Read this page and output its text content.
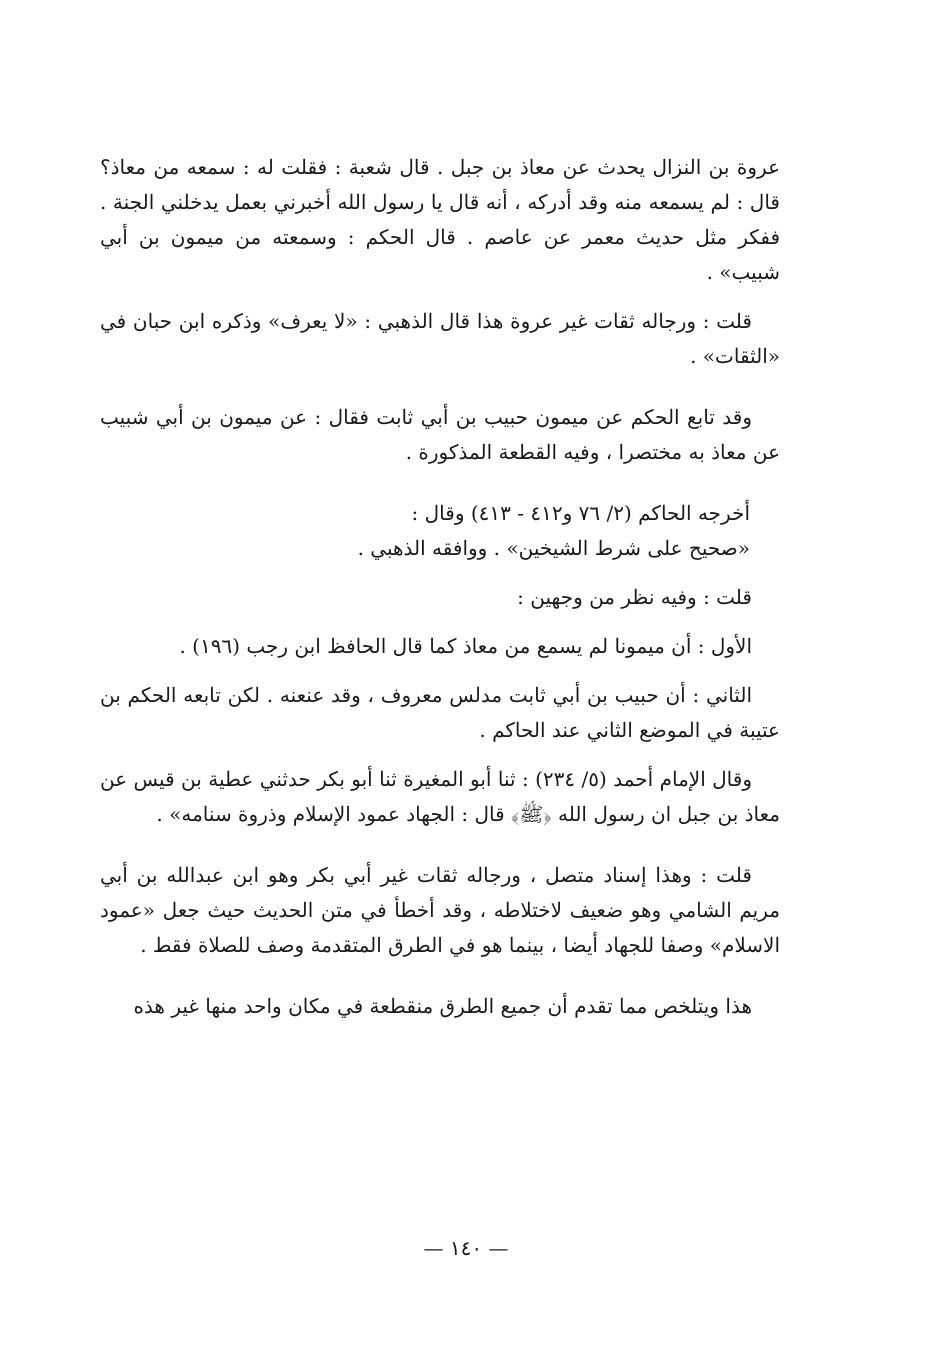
عروة بن النزال يحدث عن معاذ بن جبل . قال شعبة : فقلت له : سمعه من معاذ؟ قال : لم يسمعه منه وقد أدركه ، أنه قال يا رسول الله أخبرني بعمل يدخلني الجنة . ففكر مثل حديث معمر عن عاصم . قال الحكم : وسمعته من ميمون بن أبي شبيب» .

قلت : ورجاله ثقات غير عروة هذا قال الذهبي : «لا يعرف» وذكره ابن حبان في «الثقات» .

وقد تابع الحكم عن ميمون حبيب بن أبي ثابت فقال : عن ميمون بن أبي شبيب عن معاذ به مختصرا ، وفيه القطعة المذكورة .

أخرجه الحاكم (٢/ ٧٦ و٤١٢ - ٤١٣) وقال :
«صحيح على شرط الشيخين» . ووافقه الذهبي .

قلت : وفيه نظر من وجهين :

الأول : أن ميمونا لم يسمع من معاذ كما قال الحافظ ابن رجب (١٩٦) .

الثاني : أن حبيب بن أبي ثابت مدلس معروف ، وقد عنعنه . لكن تابعه الحكم بن عتيبة في الموضع الثاني عند الحاكم .

وقال الإمام أحمد (٥/ ٢٣٤) : ثنا أبو المغيرة ثنا أبو بكر حدثني عطية بن قيس عن معاذ بن جبل ان رسول الله ﴿ﷺ﴾ قال : الجهاد عمود الإسلام وذروة سنامه» .

قلت : وهذا إسناد متصل ، ورجاله ثقات غير أبي بكر وهو ابن عبدالله بن أبي مريم الشامي وهو ضعيف لاختلاطه ، وقد أخطأ في متن الحديث حيث جعل «عمود الاسلام» وصفا للجهاد أيضا ، بينما هو في الطرق المتقدمة وصف للصلاة فقط .

هذا ويتلخص مما تقدم أن جميع الطرق منقطعة في مكان واحد منها غير هذه

— ١٤٠ —
